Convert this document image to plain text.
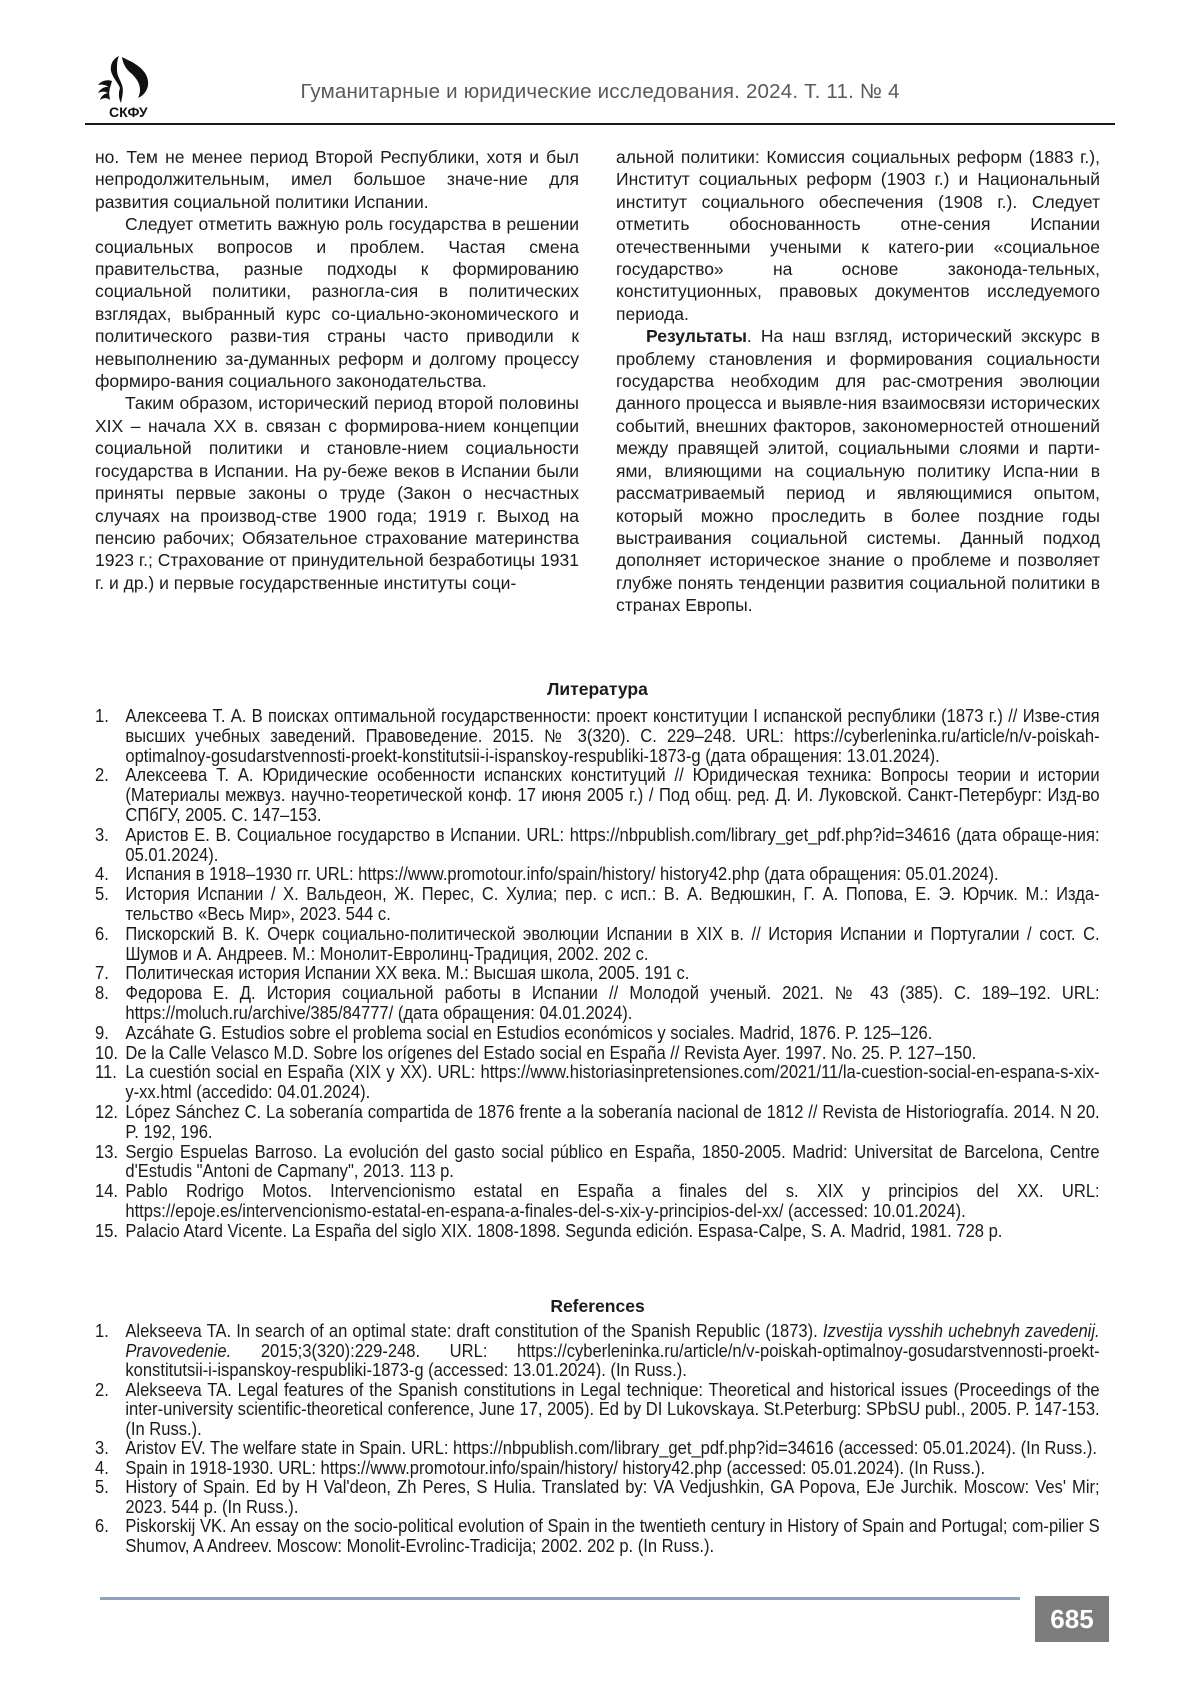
СКФУ
Гуманитарные и юридические исследования. 2024. Т. 11. № 4

но. Тем не менее период Второй Республики, хотя и был непродолжительным, имел большое значе-ние для развития социальной политики Испании.

Следует отметить важную роль государства в решении социальных вопросов и проблем. Частая смена правительства, разные подходы к формированию социальной политики, разногла-сия в политических взглядах, выбранный курс со-циально-экономического и политического разви-тия страны часто приводили к невыполнению за-думанных реформ и долгому процессу формиро-вания социального законодательства.

Таким образом, исторический период второй половины XIX – начала XX в. связан с формирова-нием концепции социальной политики и становле-нием социальности государства в Испании. На ру-беже веков в Испании были приняты первые законы о труде (Закон о несчастных случаях на производ-стве 1900 года; 1919 г. Выход на пенсию рабочих; Обязательное страхование материнства 1923 г.; Страхование от принудительной безработицы 1931 г. и др.) и первые государственные институты соци-

альной политики: Комиссия социальных реформ (1883 г.), Институт социальных реформ (1903 г.) и Национальный институт социального обеспечения (1908 г.). Следует отметить обоснованность отне-сения Испании отечественными учеными к катего-рии «социальное государство» на основе законода-тельных, конституционных, правовых документов исследуемого периода.

Результаты. На наш взгляд, исторический экскурс в проблему становления и формирования социальности государства необходим для рас-смотрения эволюции данного процесса и выявле-ния взаимосвязи исторических событий, внешних факторов, закономерностей отношений между правящей элитой, социальными слоями и парти-ями, влияющими на социальную политику Испа-нии в рассматриваемый период и являющимися опытом, который можно проследить в более поздние годы выстраивания социальной системы. Данный подход дополняет историческое знание о проблеме и позволяет глубже понять тенденции развития социальной политики в странах Европы.

Литература
1. Алексеева Т. А. В поисках оптимальной государственности: проект конституции I испанской республики (1873 г.) // Изве-стия высших учебных заведений. Правоведение. 2015. № 3(320). С. 229–248. URL: https://cyberleninka.ru/article/n/v-poiskah-optimalnoy-gosudarstvennosti-proekt-konstitutsii-i-ispanskoy-respubliki-1873-g (дата обращения: 13.01.2024).
2. Алексеева Т. А. Юридические особенности испанских конституций // Юридическая техника: Вопросы теории и истории (Материалы межвуз. научно-теоретической конф. 17 июня 2005 г.) / Под общ. ред. Д. И. Луковской. Санкт-Петербург: Изд-во СПбГУ, 2005. С. 147–153.
3. Аристов Е. В. Социальное государство в Испании. URL: https://nbpublish.com/library_get_pdf.php?id=34616 (дата обраще-ния: 05.01.2024).
4. Испания в 1918–1930 гг. URL: https://www.promotour.info/spain/history/ history42.php (дата обращения: 05.01.2024).
5. История Испании / Х. Вальдеон, Ж. Перес, С. Хулиа; пер. с исп.: В. А. Ведюшкин, Г. А. Попова, Е. Э. Юрчик. М.: Изда-тельство «Весь Мир», 2023. 544 с.
6. Пискорский В. К. Очерк социально-политической эволюции Испании в XIX в. // История Испании и Португалии / сост. С. Шумов и А. Андреев. М.: Монолит-Евролинц-Традиция, 2002. 202 с.
7. Политическая история Испании XX века. М.: Высшая школа, 2005. 191 с.
8. Федорова Е. Д. История социальной работы в Испании // Молодой ученый. 2021. № 43 (385). С. 189–192. URL: https://moluch.ru/archive/385/84777/ (дата обращения: 04.01.2024).
9. Azcáhate G. Estudios sobre el problema social en Estudios económicos y sociales. Madrid, 1876. P. 125–126.
10. De la Calle Velasco M.D. Sobre los orígenes del Estado social en España // Revista Ayer. 1997. No. 25. P. 127–150.
11. La cuestión social en España (XIX y XX). URL: https://www.historiasinpretensiones.com/2021/11/la-cuestion-social-en-espana-s-xix-y-xx.html (accedido: 04.01.2024).
12. López Sánchez C. La soberanía compartida de 1876 frente a la soberanía nacional de 1812 // Revista de Historiografía. 2014. N 20. P. 192, 196.
13. Sergio Espuelas Barroso. La evolución del gasto social público en España, 1850-2005. Madrid: Universitat de Barcelona, Centre d'Estudis "Antoni de Capmany", 2013. 113 p.
14. Pablo Rodrigo Motos. Intervencionismo estatal en España a finales del s. XIX y principios del XX. URL: https://epoje.es/intervencionismo-estatal-en-espana-a-finales-del-s-xix-y-principios-del-xx/ (accessed: 10.01.2024).
15. Palacio Atard Vicente. La España del siglo XIX. 1808-1898. Segunda edición. Espasa-Calpe, S. A. Madrid, 1981. 728 p.
References
1. Alekseeva TA. In search of an optimal state: draft constitution of the Spanish Republic (1873). Izvestija vysshih uchebnyh zavedenij. Pravovedenie. 2015;3(320):229-248. URL: https://cyberleninka.ru/article/n/v-poiskah-optimalnoy-gosudarstvennosti-proekt-konstitutsii-i-ispanskoy-respubliki-1873-g (accessed: 13.01.2024). (In Russ.).
2. Alekseeva TA. Legal features of the Spanish constitutions in Legal technique: Theoretical and historical issues (Proceedings of the inter-university scientific-theoretical conference, June 17, 2005). Ed by DI Lukovskaya. St.Peterburg: SPbSU publ., 2005. P. 147-153. (In Russ.).
3. Aristov EV. The welfare state in Spain. URL: https://nbpublish.com/library_get_pdf.php?id=34616 (accessed: 05.01.2024). (In Russ.).
4. Spain in 1918-1930. URL: https://www.promotour.info/spain/history/ history42.php (accessed: 05.01.2024). (In Russ.).
5. History of Spain. Ed by H Val'deon, Zh Peres, S Hulia. Translated by: VA Vedjushkin, GA Popova, EJe Jurchik. Moscow: Ves' Mir; 2023. 544 p. (In Russ.).
6. Piskorskij VK. An essay on the socio-political evolution of Spain in the twentieth century in History of Spain and Portugal; com-pilier S Shumov, A Andreev. Moscow: Monolit-Evrolinc-Tradicija; 2002. 202 p. (In Russ.).
685
